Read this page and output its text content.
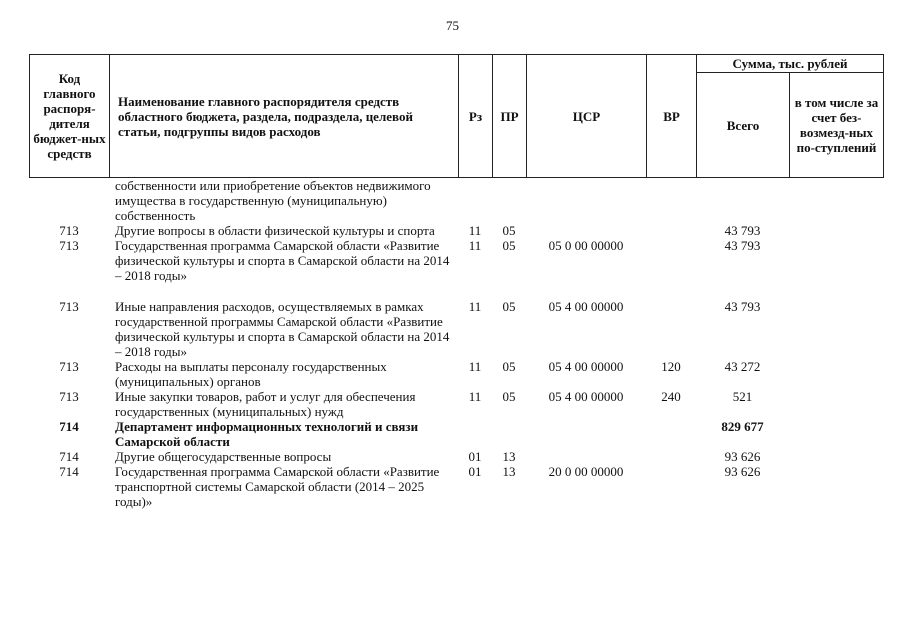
75
Код главного распоря-дителя бюджет-ных средств	Наименование главного распорядителя средств областного бюджета, раздела, подраздела, целевой статьи, подгруппы видов расходов	Рз	ПР	ЦСР	ВР	Сумма, тыс. рублей	
						Всего	в том числе за счет без-возмезд-ных по-ступлений
	собственности или приобретение объектов недвижимого имущества в государственную (муниципальную) собственность						
713	Другие вопросы в области физической культуры и спорта	11	05			43 793	
713	Государственная программа Самарской области «Развитие физической культуры и спорта в Самарской области на 2014 – 2018 годы»	11	05	05 0 00 00000		43 793	

713	Иные направления расходов, осуществляемых в рамках государственной программы Самарской области «Развитие физической культуры и спорта в Самарской области на 2014 – 2018 годы»	11	05	05 4 00 00000		43 793	
713	Расходы на выплаты персоналу государственных (муниципальных) органов	11	05	05 4 00 00000	120	43 272	
713	Иные закупки товаров, работ и услуг для обеспечения государственных (муниципальных) нужд	11	05	05 4 00 00000	240	521	
714	Департамент информационных технологий и связи Самарской области					829 677	
714	Другие общегосударственные вопросы	01	13			93 626	
714	Государственная программа Самарской области «Развитие транспортной системы Самарской области (2014 – 2025 годы)»	01	13	20 0 00 00000		93 626	
